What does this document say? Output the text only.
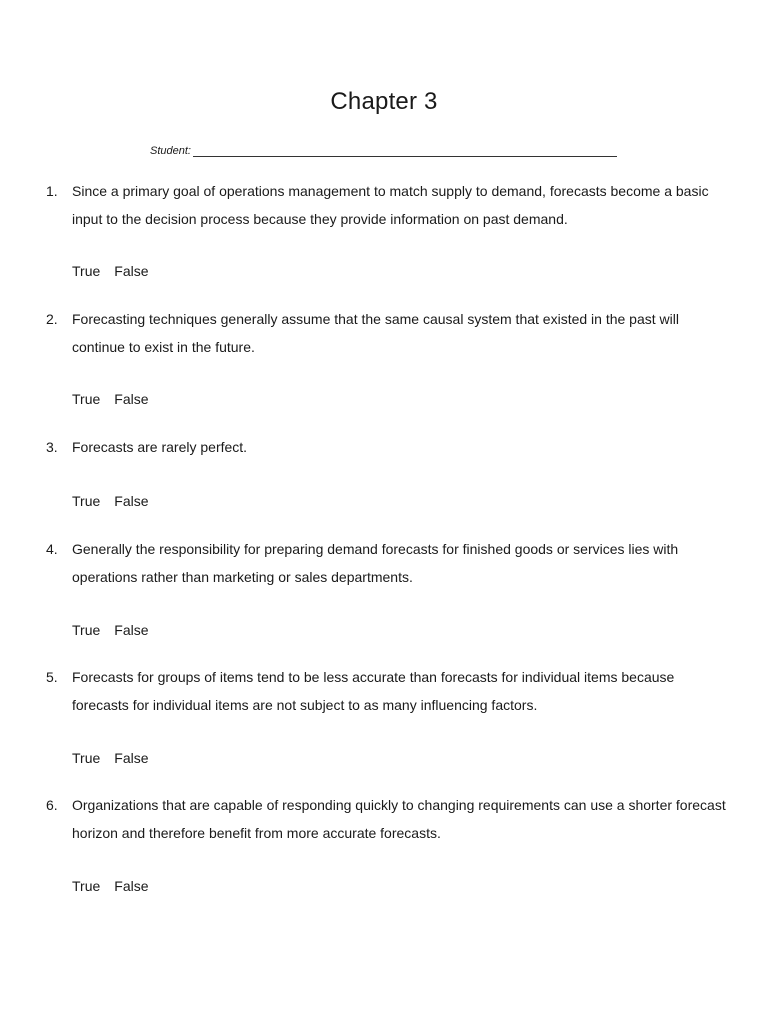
Chapter 3
Student:
1. Since a primary goal of operations management to match supply to demand, forecasts become a basic input to the decision process because they provide information on past demand.

True False
2. Forecasting techniques generally assume that the same causal system that existed in the past will continue to exist in the future.

True False
3. Forecasts are rarely perfect.

True False
4. Generally the responsibility for preparing demand forecasts for finished goods or services lies with operations rather than marketing or sales departments.

True False
5. Forecasts for groups of items tend to be less accurate than forecasts for individual items because forecasts for individual items are not subject to as many influencing factors.

True False
6. Organizations that are capable of responding quickly to changing requirements can use a shorter forecast horizon and therefore benefit from more accurate forecasts.

True False
